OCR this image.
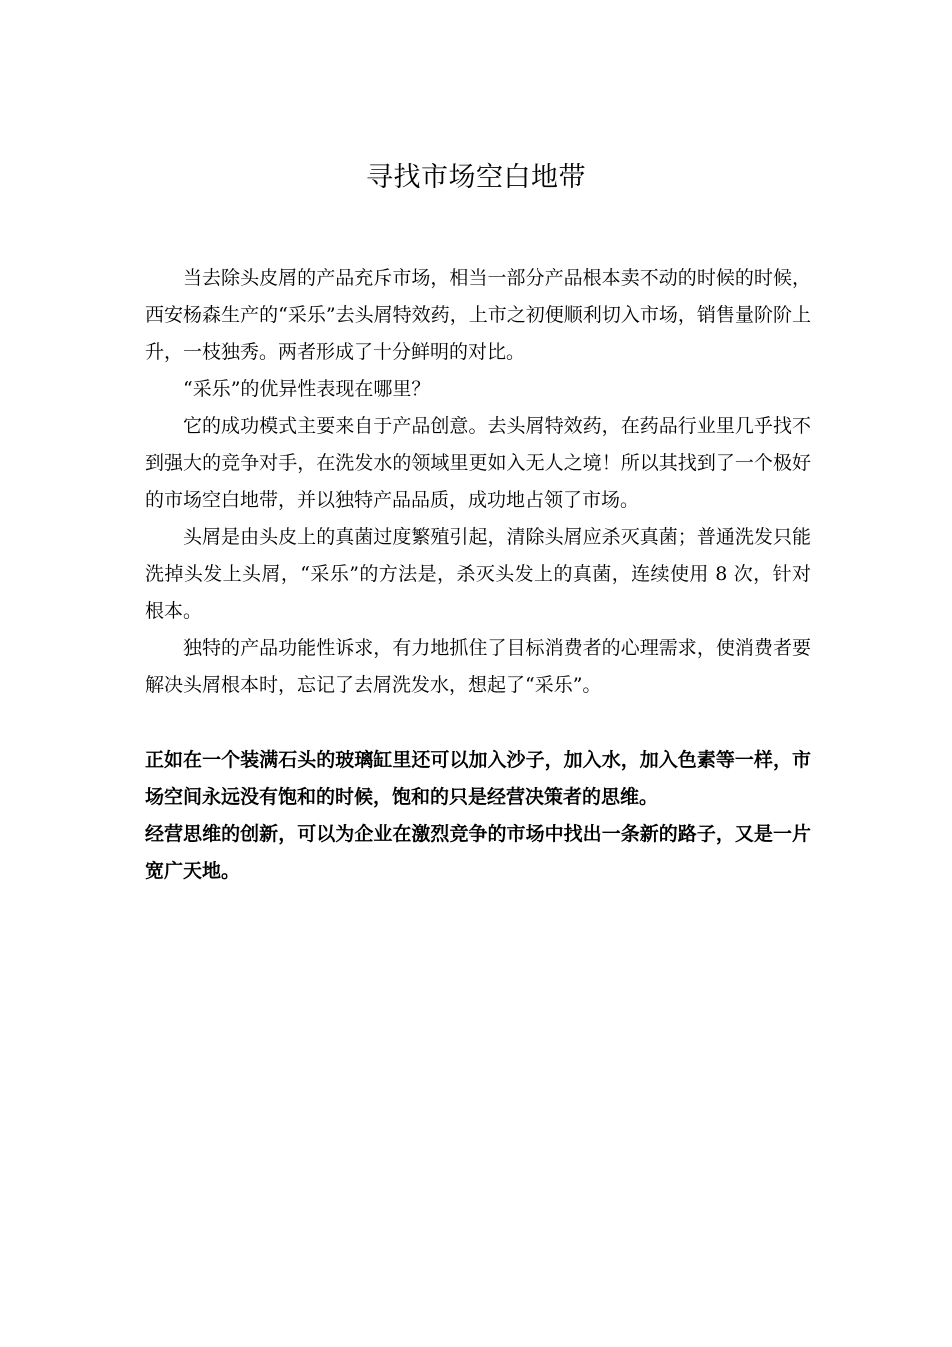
寻找市场空白地带

当去除头皮屑的产品充斥市场，相当一部分产品根本卖不动的时候的时候，西安杨森生产的“采乐”去头屑特效药，上市之初便顺利切入市场，销售量阶阶上升，一枝独秀。两者形成了十分鲜明的对比。

“采乐”的优异性表现在哪里？

它的成功模式主要来自于产品创意。去头屑特效药，在药品行业里几乎找不到强大的竞争对手，在洗发水的领域里更如入无人之境！所以其找到了一个极好的市场空白地带，并以独特产品品质，成功地占领了市场。

头屑是由头皮上的真菌过度繁殖引起，清除头屑应杀灭真菌；普通洗发只能洗掉头发上头屑，“采乐”的方法是，杀灭头发上的真菌，连续使用 8 次，针对根本。

独特的产品功能性诉求，有力地抓住了目标消费者的心理需求，使消费者要解决头屑根本时，忘记了去屑洗发水，想起了“采乐”。

正如在一个装满石头的玻璃缸里还可以加入沙子，加入水，加入色素等一样，市场空间永远没有饱和的时候，饱和的只是经营决策者的思维。

经营思维的创新，可以为企业在激烈竞争的市场中找出一条新的路子，又是一片宽广天地。
